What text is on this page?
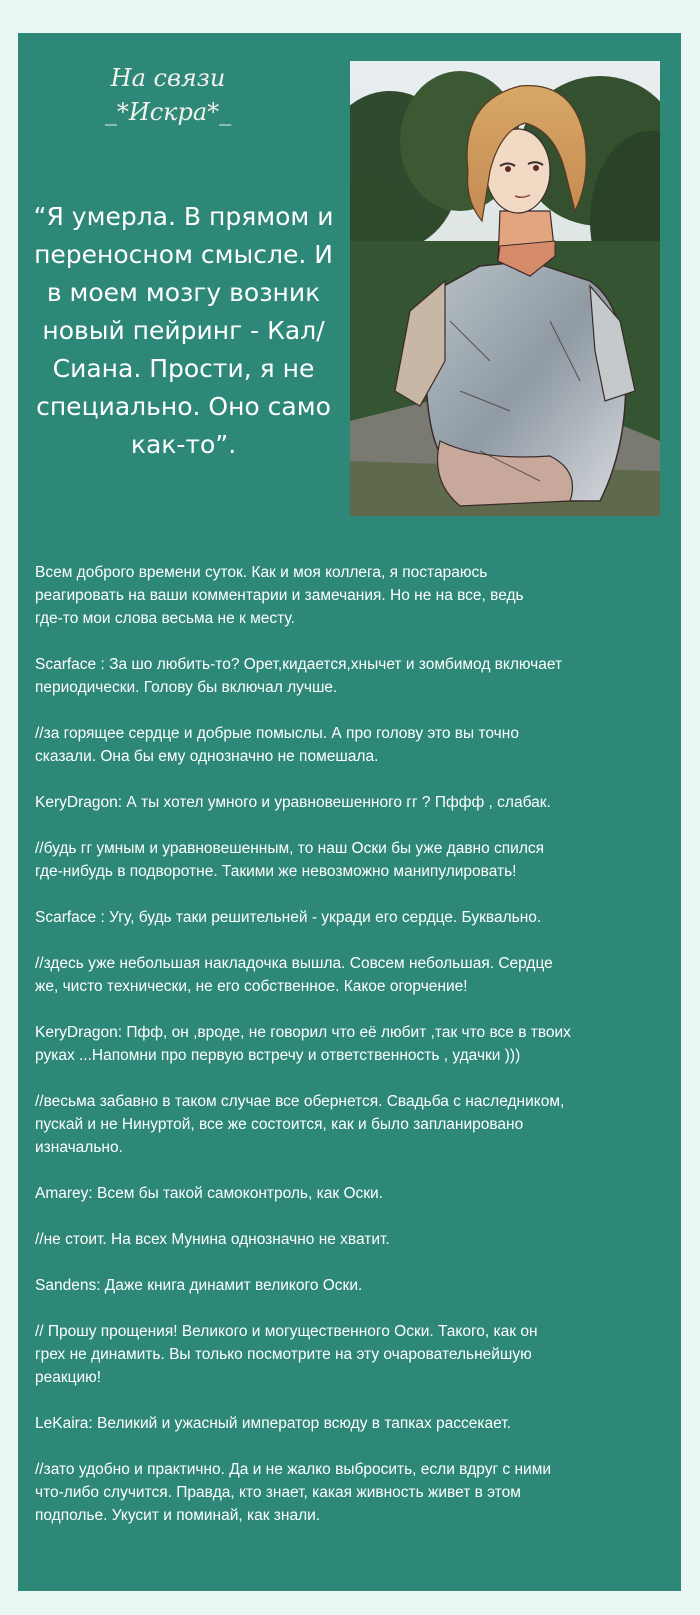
На связи
_*Искра*_
“Я умерла. В прямом и переносном смысле. И в моем мозгу возник новый пейринг - Кал/Сиана. Прости, я не специально. Оно само как-то”.

Всем доброго времени суток. Как и моя коллега, я постараюсь
реагировать на ваши комментарии и замечания. Но не на все, ведь
где-то мои слова весьма не к месту.

Scarface : За шо любить-то? Орет,кидается,хнычет и зомбимод включает
периодически. Голову бы включал лучше.

//за горящее сердце и добрые помыслы. А про голову это вы точно
сказали. Она бы ему однозначно не помешала.

KeryDragon: А ты хотел умного и уравновешенного гг ? Пффф , слабак.

//будь гг умным и уравновешенным, то наш Оски бы уже давно спился
где-нибудь в подворотне. Такими же невозможно манипулировать!

Scarface : Угу, будь таки решительней - укради его сердце. Буквально.

//здесь уже небольшая накладочка вышла. Совсем небольшая. Сердце
же, чисто технически, не его собственное. Какое огорчение!

KeryDragon: Пфф, он ,вроде, не говорил что её любит ,так что все в твоих
руках ...Напомни про первую встречу и ответственность , удачки )))

//весьма забавно в таком случае все обернется. Свадьба с наследником,
пускай и не Нинуртой, все же состоится, как и было запланировано
изначально.

Amarey: Всем бы такой самоконтроль, как Оски.

//не стоит. На всех Мунина однозначно не хватит.

Sandens: Даже книга динамит великого Оски.

// Прошу прощения! Великого и могущественного Оски. Такого, как он
грех не динамить. Вы только посмотрите на эту очаровательнейшую
реакцию!

LeKaira: Великий и ужасный император всюду в тапках рассекает.

//зато удобно и практично. Да и не жалко выбросить, если вдруг с ними
что-либо случится. Правда, кто знает, какая живность живет в этом
подполье. Укусит и поминай, как знали.
